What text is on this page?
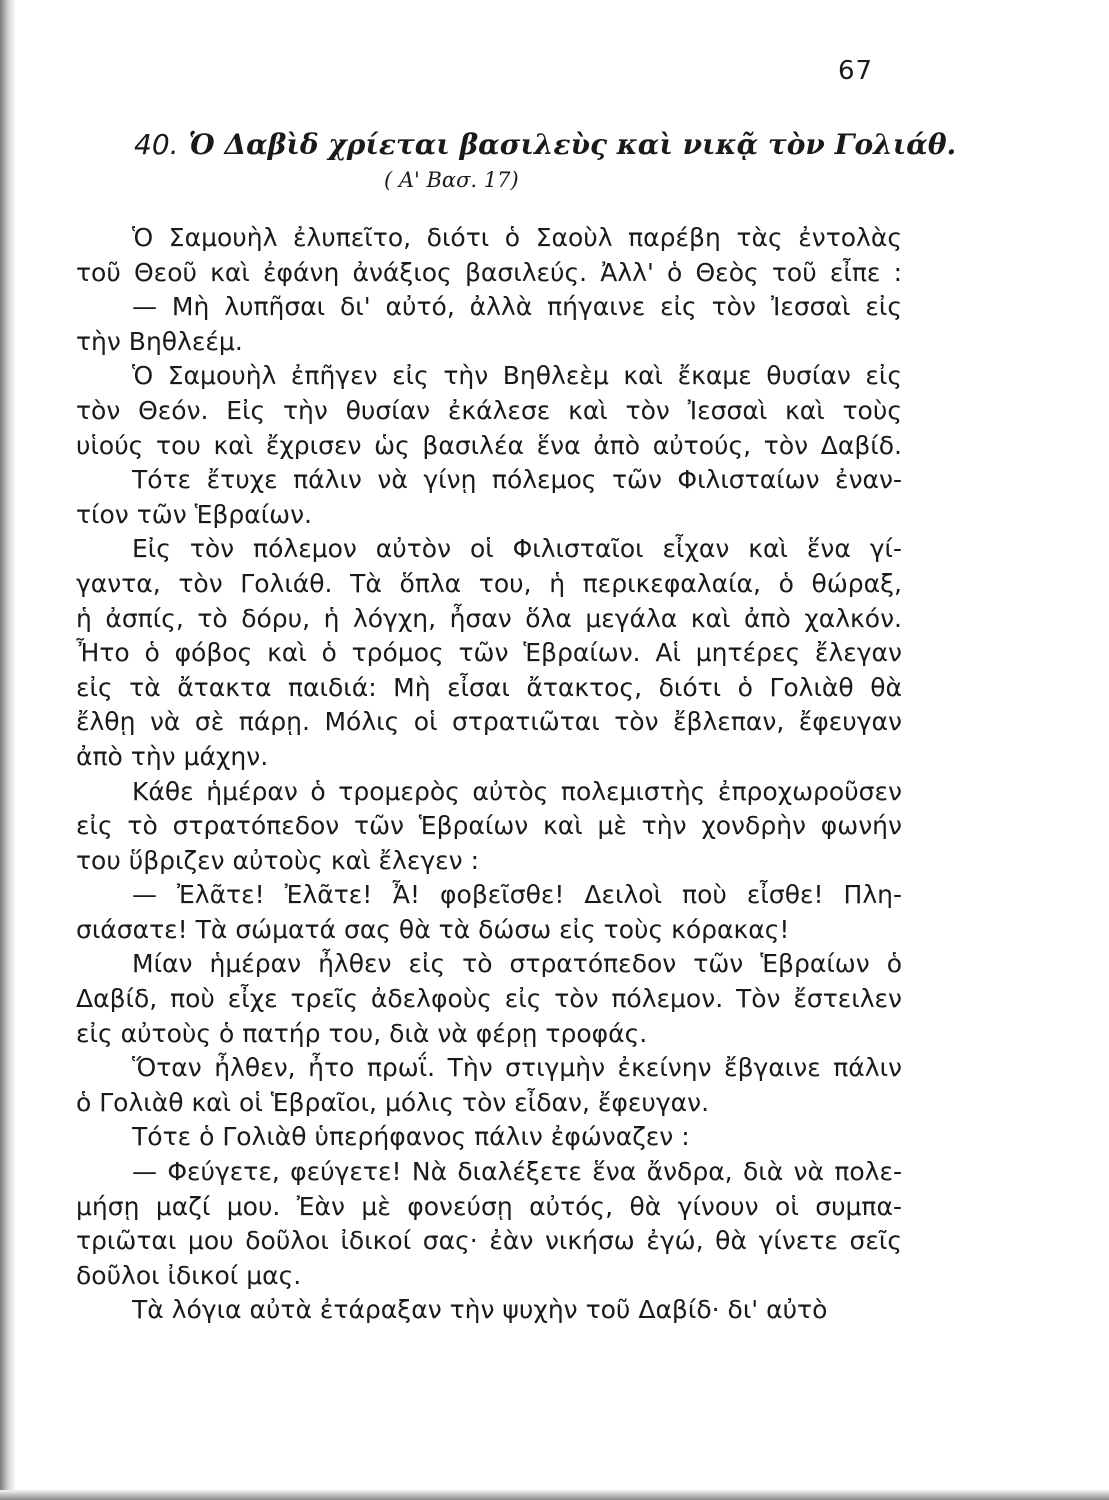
67
40. Ὁ Δαβὶδ χρίεται βασιλεὺς καὶ νικᾷ τὸν Γολιάθ.
( Α' Βασ. 17)
Ὁ Σαμουὴλ ἐλυπεῖτο, διότι ὁ Σαοὺλ παρέβη τὰς ἐντολὰς
τοῦ Θεοῦ καὶ ἐφάνη ἀνάξιος βασιλεύς. Ἀλλ' ὁ Θεὸς τοῦ εἶπε :
— Μὴ λυπῆσαι δι' αὐτό, ἀλλὰ πήγαινε εἰς τὸν Ἰεσσαὶ εἰς
τὴν Βηθλεέμ.
Ὁ Σαμουὴλ ἐπῆγεν εἰς τὴν Βηθλεὲμ καὶ ἔκαμε θυσίαν εἰς
τὸν Θεόν. Εἰς τὴν θυσίαν ἐκάλεσε καὶ τὸν Ἰεσσαὶ καὶ τοὺς
υἱούς του καὶ ἔχρισεν ὡς βασιλέα ἕνα ἀπὸ αὐτούς, τὸν Δαβίδ.
Τότε ἔτυχε πάλιν νὰ γίνῃ πόλεμος τῶν Φιλισταίων ἐναν-
τίον τῶν Ἑβραίων.
Εἰς τὸν πόλεμον αὐτὸν οἱ Φιλισταῖοι εἶχαν καὶ ἕνα γί-
γαντα, τὸν Γολιάθ. Τὰ ὅπλα του, ἡ περικεφαλαία, ὁ θώραξ,
ἡ ἀσπίς, τὸ δόρυ, ἡ λόγχη, ἦσαν ὅλα μεγάλα καὶ ἀπὸ χαλκόν.
Ἦτο ὁ φόβος καὶ ὁ τρόμος τῶν Ἑβραίων. Αἱ μητέρες ἔλεγαν
εἰς τὰ ἄτακτα παιδιά: Μὴ εἶσαι ἄτακτος, διότι ὁ Γολιὰθ θὰ
ἔλθῃ νὰ σὲ πάρῃ. Μόλις οἱ στρατιῶται τὸν ἔβλεπαν, ἔφευγαν
ἀπὸ τὴν μάχην.
Κάθε ἡμέραν ὁ τρομερὸς αὐτὸς πολεμιστὴς ἐπροχωροῦσεν
εἰς τὸ στρατόπεδον τῶν Ἑβραίων καὶ μὲ τὴν χονδρὴν φωνήν
του ὕβριζεν αὐτοὺς καὶ ἔλεγεν :
— Ἐλᾶτε! Ἐλᾶτε! Ἆ! φοβεῖσθε! Δειλοὶ ποὺ εἶσθε! Πλη-
σιάσατε! Τὰ σώματά σας θὰ τὰ δώσω εἰς τοὺς κόρακας!
Μίαν ἡμέραν ἦλθεν εἰς τὸ στρατόπεδον τῶν Ἑβραίων ὁ
Δαβίδ, ποὺ εἶχε τρεῖς ἀδελφοὺς εἰς τὸν πόλεμον. Τὸν ἔστειλεν
εἰς αὐτοὺς ὁ πατήρ του, διὰ νὰ φέρῃ τροφάς.
Ὅταν ἦλθεν, ἦτο πρωΐ. Τὴν στιγμὴν ἐκείνην ἔβγαινε πάλιν
ὁ Γολιὰθ καὶ οἱ Ἑβραῖοι, μόλις τὸν εἶδαν, ἔφευγαν.
Τότε ὁ Γολιὰθ ὑπερήφανος πάλιν ἐφώναζεν :
— Φεύγετε, φεύγετε! Νὰ διαλέξετε ἕνα ἄνδρα, διὰ νὰ πολε-
μήσῃ μαζί μου. Ἐὰν μὲ φονεύσῃ αὐτός, θὰ γίνουν οἱ συμπα-
τριῶται μου δοῦλοι ἰδικοί σας· ἐὰν νικήσω ἐγώ, θὰ γίνετε σεῖς
δοῦλοι ἰδικοί μας.
Τὰ λόγια αὐτὰ ἐτάραξαν τὴν ψυχὴν τοῦ Δαβίδ· δι' αὐτὸ
